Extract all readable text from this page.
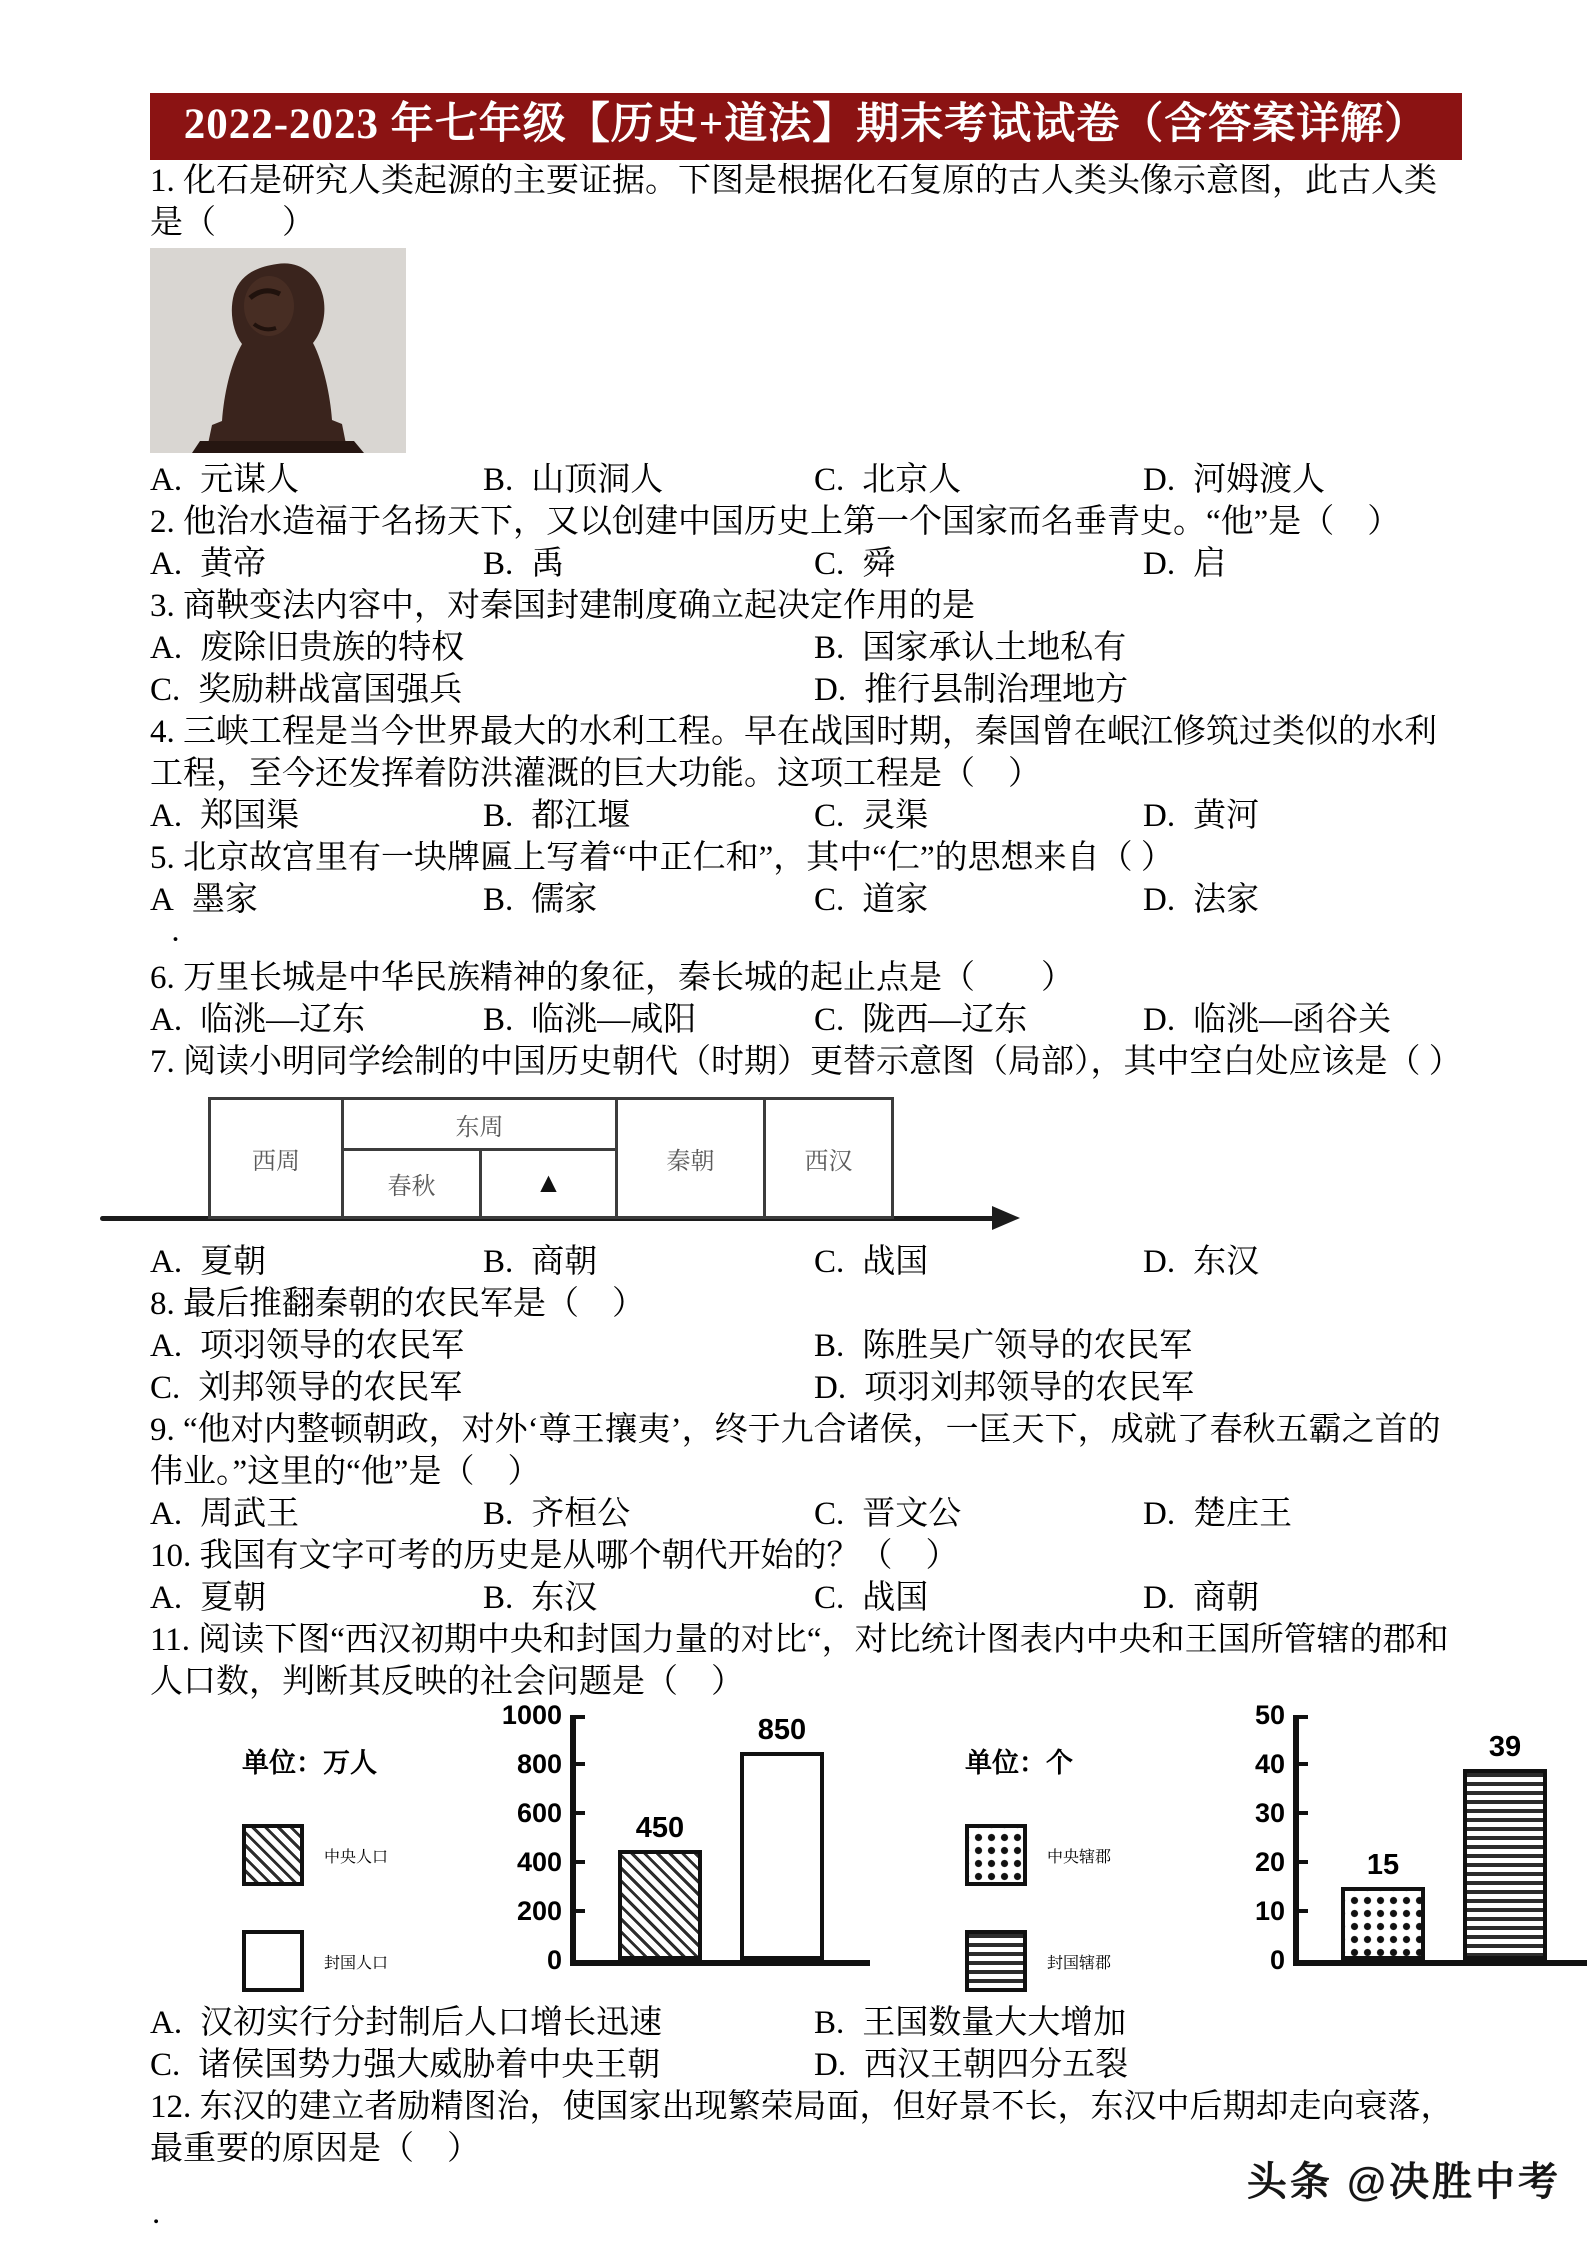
2022-2023 年七年级【历史+道法】期末考试试卷（含答案详解）

1. 化石是研究人类起源的主要证据。下图是根据化石复原的古人类头像示意图，此古人类是（　　）

A. 元谋人	B. 山顶洞人	C. 北京人	D. 河姆渡人

2. 他治水造福于名扬天下，又以创建中国历史上第一个国家而名垂青史。“他”是（　）

A. 黄帝	B. 禹	C. 舜	D. 启

3. 商鞅变法内容中，对秦国封建制度确立起决定作用的是

A. 废除旧贵族的特权	B. 国家承认土地私有
C. 奖励耕战富国强兵	D. 推行县制治理地方

4. 三峡工程是当今世界最大的水利工程。早在战国时期，秦国曾在岷江修筑过类似的水利工程，至今还发挥着防洪灌溉的巨大功能。这项工程是（　）

A. 郑国渠	B. 都江堰	C. 灵渠	D. 黄河

5. 北京故宫里有一块牌匾上写着“中正仁和”，其中“仁”的思想来自（ ）

A 墨家	B. 儒家	C. 道家	D. 法家
·

6. 万里长城是中华民族精神的象征，秦长城的起止点是（　　）

A. 临洮—辽东	B. 临洮—咸阳	C. 陇西—辽东	D. 临洮—函谷关

7. 阅读小明同学绘制的中国历史朝代（时期）更替示意图（局部），其中空白处应该是（ ）

西周
东周
春秋	▲
秦朝	西汉
A. 夏朝	B. 商朝	C. 战国	D. 东汉

8. 最后推翻秦朝的农民军是（　）

A. 项羽领导的农民军	B. 陈胜吴广领导的农民军
C. 刘邦领导的农民军	D. 项羽刘邦领导的农民军

9. “他对内整顿朝政，对外‘尊王攘夷’，终于九合诸侯，一匡天下，成就了春秋五霸之首的伟业。”这里的“他”是（　）

A. 周武王	B. 齐桓公	C. 晋文公	D. 楚庄王

10. 我国有文字可考的历史是从哪个朝代开始的？（　）

A. 夏朝	B. 东汉	C. 战国	D. 商朝

11. 阅读下图“西汉初期中央和封国力量的对比“，对比统计图表内中央和王国所管辖的郡和人口数，判断其反映的社会问题是（　）

单位：万人
中央人口
封国人口
1000
800
600
400
200
0
450
850
单位：个
中央辖郡
封国辖郡
50
40
30
20
10
0
15
39
A. 汉初实行分封制后人口增长迅速	B. 王国数量大大增加
C. 诸侯国势力强大威胁着中央王朝	D. 西汉王朝四分五裂

12. 东汉的建立者励精图治，使国家出现繁荣局面，但好景不长，东汉中后期却走向衰落，最重要的原因是（　）

.
头条 @决胜中考
